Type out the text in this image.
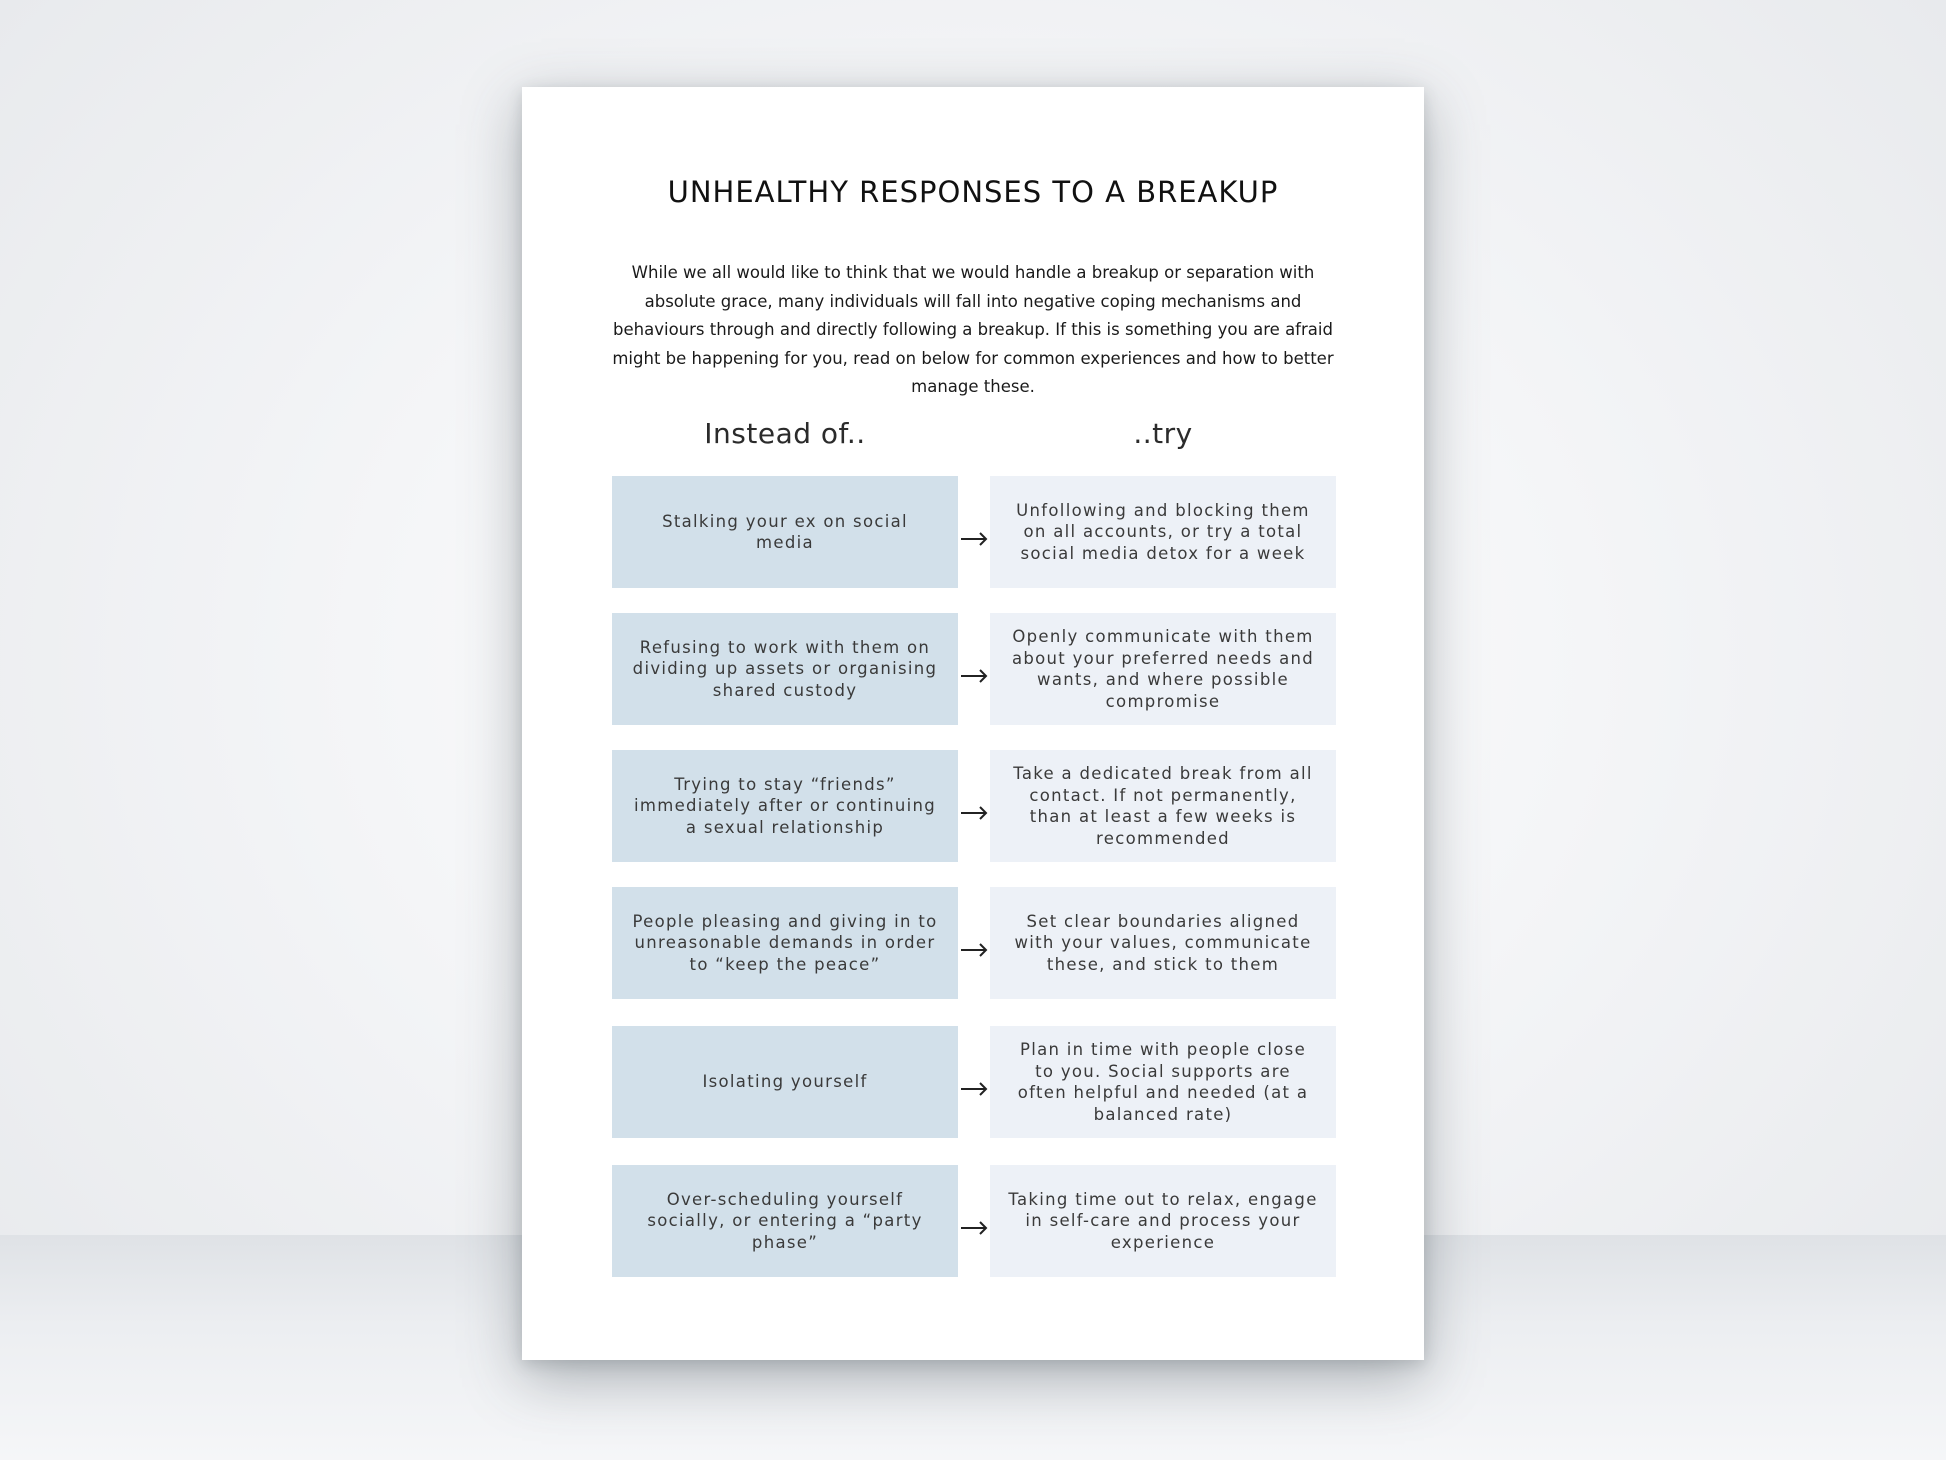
UNHEALTHY RESPONSES TO A BREAKUP

While we all would like to think that we would handle a breakup or separation with absolute grace, many individuals will fall into negative coping mechanisms and behaviours through and directly following a breakup. If this is something you are afraid might be happening for you, read on below for common experiences and how to better manage these.

Instead of..	..try
Stalking your ex on social media
Unfollowing and blocking them on all accounts, or try a total social media detox for a week
Refusing to work with them on dividing up assets or organising shared custody
Openly communicate with them about your preferred needs and wants, and where possible compromise
Trying to stay “friends” immediately after or continuing a sexual relationship
Take a dedicated break from all contact. If not permanently, than at least a few weeks is recommended
People pleasing and giving in to unreasonable demands in order to “keep the peace”
Set clear boundaries aligned with your values, communicate these, and stick to them
Isolating yourself
Plan in time with people close to you. Social supports are often helpful and needed (at a balanced rate)
Over-scheduling yourself socially, or entering a “party phase”
Taking time out to relax, engage in self-care and process your experience
